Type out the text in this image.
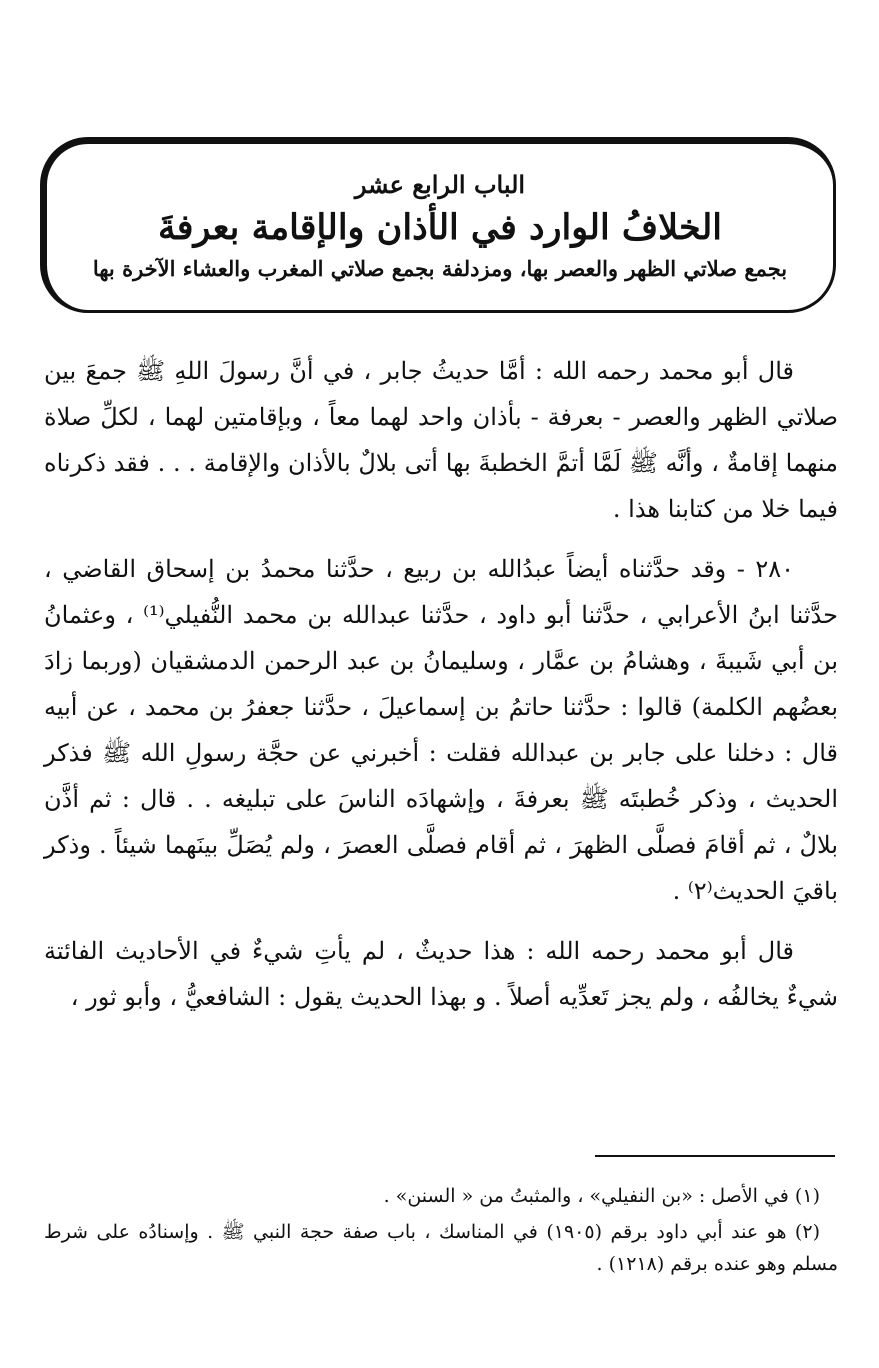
الباب الرابع عشر
الخلافُ الوارد في الأذان والإقامة بعرفةَ
بجمع صلاتي الظهر والعصر بها، ومزدلفة بجمع صلاتي المغرب والعشاء الآخرة بها

قال أبو محمد رحمه الله : أمَّا حديثُ جابر ، في أنَّ رسولَ اللهِ ﷺ جمعَ بين صلاتي الظهر والعصر - بعرفة - بأذان واحد لهما معاً ، وبإقامتين لهما ، لكلِّ صلاة منهما إقامةٌ ، وأنَّه ﷺ لَمَّا أتمَّ الخطبةَ بها أتى بلالٌ بالأذان والإقامة . . . فقد ذكرناه فيما خلا من كتابنا هذا .

٢٨٠ - وقد حدَّثناه أيضاً عبدُالله بن ربيع ، حدَّثنا محمدُ بن إسحاق القاضي ، حدَّثنا ابنُ الأعرابي ، حدَّثنا أبو داود ، حدَّثنا عبدالله بن محمد النُّفيلي⁽¹⁾ ، وعثمانُ بن أبي شَيبةَ ، وهشامُ بن عمَّار ، وسليمانُ بن عبد الرحمن الدمشقيان (وربما زادَ بعضُهم الكلمة) قالوا : حدَّثنا حاتمُ بن إسماعيلَ ، حدَّثنا جعفرُ بن محمد ، عن أبيه قال : دخلنا على جابر بن عبدالله فقلت : أخبرني عن حجَّة رسولِ الله ﷺ فذكر الحديث ، وذكر خُطبتَه ﷺ بعرفةَ ، وإشهادَه الناسَ على تبليغه . . قال : ثم أذَّن بلالٌ ، ثم أقامَ فصلَّى الظهرَ ، ثم أقام فصلَّى العصرَ ، ولم يُصَلِّ بينَهما شيئاً . وذكر باقيَ الحديث⁽٢⁾ .

قال أبو محمد رحمه الله : هذا حديثٌ ، لم يأتِ شيءٌ في الأحاديث الفائتة شيءٌ يخالفُه ، ولم يجز تَعدِّيه أصلاً . و بهذا الحديث يقول : الشافعيُّ ، وأبو ثور ،

(١) في الأصل : «بن النفيلي» ، والمثبتُ من « السنن» .

(٢) هو عند أبي داود برقم (١٩٠٥) في المناسك ، باب صفة حجة النبي ﷺ . وإسنادُه على شرط مسلم وهو عنده برقم (١٢١٨) .
